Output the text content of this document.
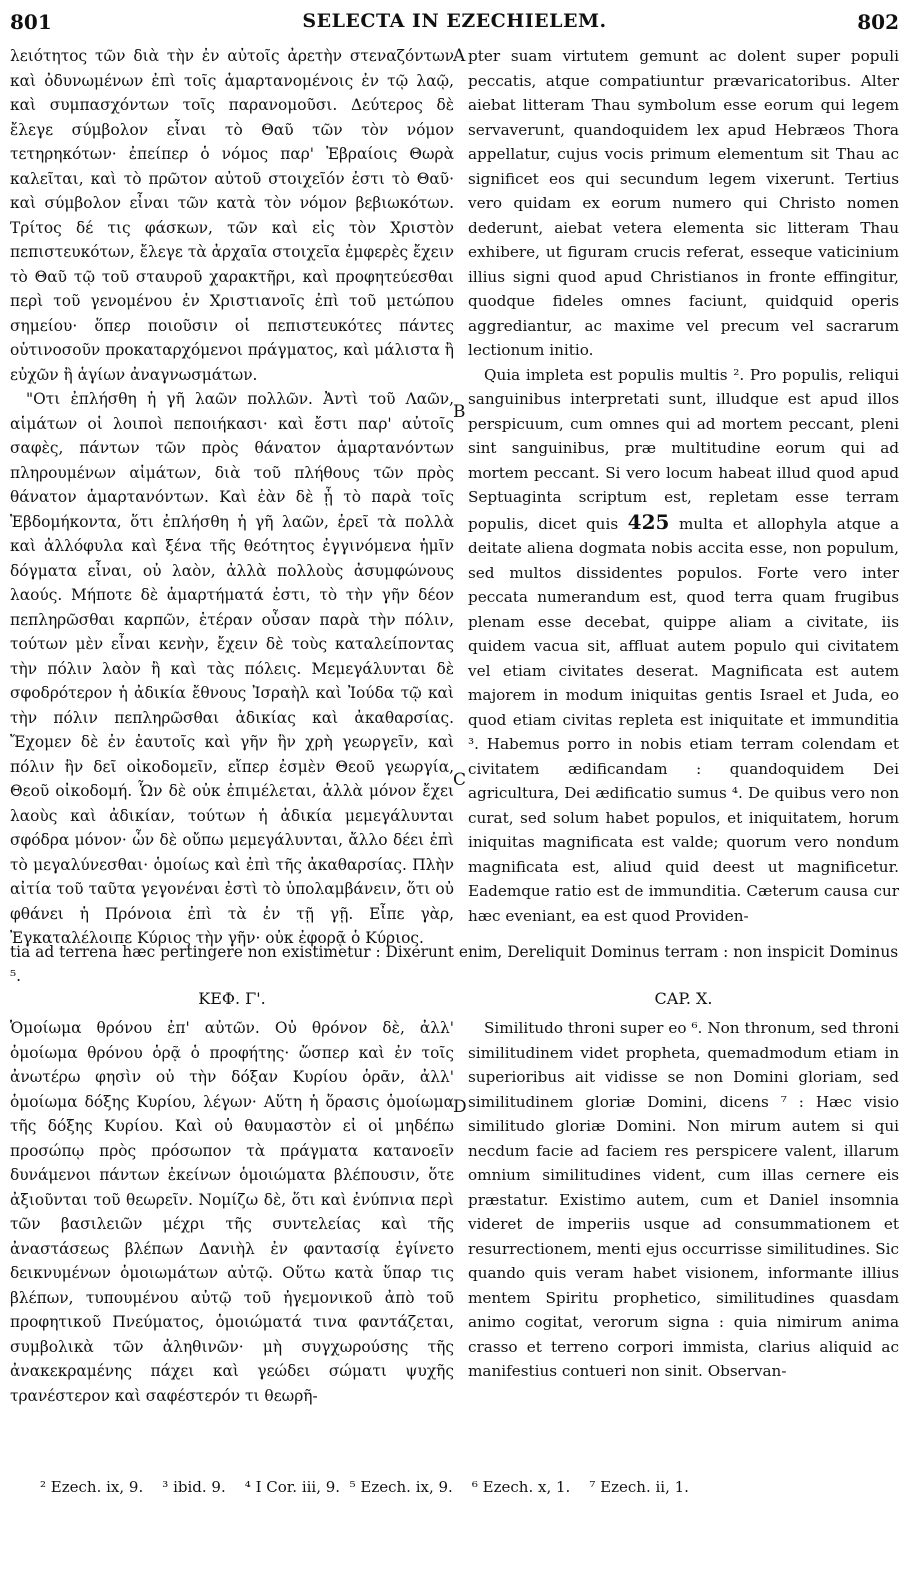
801	SELECTA IN EZECHIELEM.	802

λειότητος τῶν διὰ τὴν ἐν αὐτοῖς ἀρετὴν στεναζόντων καὶ ὀδυνωμένων ἐπὶ τοῖς ἁμαρτανομένοις ἐν τῷ λαῷ, καὶ συμπασχόντων τοῖς παρανομοῦσι. Δεύτερος δὲ ἔλεγε σύμβολον εἶναι τὸ Θαῦ τῶν τὸν νόμον τετηρηκότων· ἐπείπερ ὁ νόμος παρ' Ἑβραίοις Θωρὰ καλεῖται, καὶ τὸ πρῶτον αὐτοῦ στοιχεῖόν ἐστι τὸ Θαῦ· καὶ σύμβολον εἶναι τῶν κατὰ τὸν νόμον βεβιωκότων. Τρίτος δέ τις φάσκων, τῶν καὶ εἰς τὸν Χριστὸν πεπιστευκότων, ἔλεγε τὰ ἀρχαῖα στοιχεῖα ἐμφερὲς ἔχειν τὸ Θαῦ τῷ τοῦ σταυροῦ χαρακτῆρι, καὶ προφητεύεσθαι περὶ τοῦ γενομένου ἐν Χριστιανοῖς ἐπὶ τοῦ μετώπου σημείου· ὅπερ ποιοῦσιν οἱ πεπιστευκότες πάντες οὑτινοσοῦν προκαταρχόμενοι πράγματος, καὶ μάλιστα ἢ εὐχῶν ἢ ἁγίων ἀναγνωσμάτων.

"Οτι ἐπλήσθη ἡ γῆ λαῶν πολλῶν. Ἀντὶ τοῦ Λαῶν, αἱμάτων οἱ λοιποὶ πεποιήκασι· καὶ ἔστι παρ' αὐτοῖς σαφὲς, πάντων τῶν πρὸς θάνατον ἁμαρτανόντων πληρουμένων αἱμάτων, διὰ τοῦ πλήθους τῶν πρὸς θάνατον ἁμαρτανόντων. Καὶ ἐὰν δὲ ᾖ τὸ παρὰ τοῖς Ἑβδομήκοντα, ὅτι ἐπλήσθη ἡ γῆ λαῶν, ἐρεῖ τὰ πολλὰ καὶ ἀλλόφυλα καὶ ξένα τῆς θεότητος ἐγγινόμενα ἡμῖν δόγματα εἶναι, οὐ λαὸν, ἀλλὰ πολλοὺς ἀσυμφώνους λαούς. Μήποτε δὲ ἁμαρτήματά ἐστι, τὸ τὴν γῆν δέον πεπληρῶσθαι καρπῶν, ἑτέραν οὖσαν παρὰ τὴν πόλιν, τούτων μὲν εἶναι κενὴν, ἔχειν δὲ τοὺς καταλείποντας τὴν πόλιν λαὸν ἢ καὶ τὰς πόλεις. Μεμεγάλυνται δὲ σφοδρότερον ἡ ἀδικία ἔθνους Ἰσραὴλ καὶ Ἰούδα τῷ καὶ τὴν πόλιν πεπληρῶσθαι ἀδικίας καὶ ἀκαθαρσίας. Ἔχομεν δὲ ἐν ἑαυτοῖς καὶ γῆν ἣν χρὴ γεωργεῖν, καὶ πόλιν ἣν δεῖ οἰκοδομεῖν, εἴπερ ἐσμὲν Θεοῦ γεωργία, Θεοῦ οἰκοδομή. Ὧν δὲ οὐκ ἐπιμέλεται, ἀλλὰ μόνον ἔχει λαοὺς καὶ ἀδικίαν, τούτων ἡ ἀδικία μεμεγάλυνται σφόδρα μόνον· ὧν δὲ οὔπω μεμεγάλυνται, ἄλλο δέει ἐπὶ τὸ μεγαλύνεσθαι· ὁμοίως καὶ ἐπὶ τῆς ἀκαθαρσίας. Πλὴν αἰτία τοῦ ταῦτα γεγονέναι ἐστὶ τὸ ὑπολαμβάνειν, ὅτι οὐ φθάνει ἡ Πρόνοια ἐπὶ τὰ ἐν τῇ γῇ. Εἶπε γὰρ, Ἐγκαταλέλοιπε Κύριος τὴν γῆν· οὐκ ἐφορᾷ ὁ Κύριος.

pter suam virtutem gemunt ac dolent super populi peccatis, atque compatiuntur prævaricatoribus. Alter aiebat litteram Thau symbolum esse eorum qui legem servaverunt, quandoquidem lex apud Hebræos Thora appellatur, cujus vocis primum elementum sit Thau ac significet eos qui secundum legem vixerunt. Tertius vero quidam ex eorum numero qui Christo nomen dederunt, aiebat vetera elementa sic litteram Thau exhibere, ut figuram crucis referat, esseque vaticinium illius signi quod apud Christianos in fronte effingitur, quodque fideles omnes faciunt, quidquid operis aggrediantur, ac maxime vel precum vel sacrarum lectionum initio.

Quia impleta est populis multis ². Pro populis, reliqui sanguinibus interpretati sunt, illudque est apud illos perspicuum, cum omnes qui ad mortem peccant, pleni sint sanguinibus, præ multitudine eorum qui ad mortem peccant. Si vero locum habeat illud quod apud Septuaginta scriptum est, repletam esse terram populis, dicet quis 425 multa et allophyla atque a deitate aliena dogmata nobis accita esse, non populum, sed multos dissidentes populos. Forte vero inter peccata numerandum est, quod terra quam frugibus plenam esse decebat, quippe aliam a civitate, iis quidem vacua sit, affluat autem populo qui civitatem vel etiam civitates deserat. Magnificata est autem majorem in modum iniquitas gentis Israel et Juda, eo quod etiam civitas repleta est iniquitate et immunditia ³. Habemus porro in nobis etiam terram colendam et civitatem ædificandam : quandoquidem Dei agricultura, Dei ædificatio sumus ⁴. De quibus vero non curat, sed solum habet populos, et iniquitatem, horum iniquitas magnificata est valde; quorum vero nondum magnificata est, aliud quid deest ut magnificetur. Eademque ratio est de immunditia. Cæterum causa cur hæc eveniant, ea est quod Providen-

A
B
C
D
tia ad terrena hæc pertingere non existimetur : Dixerunt enim, Dereliquit Dominus terram : non inspicit Dominus ⁵.
ΚΕΦ. Γ'.	CAP. X.

Ὁμοίωμα θρόνου ἐπ' αὐτῶν. Οὐ θρόνον δὲ, ἀλλ' ὁμοίωμα θρόνου ὁρᾷ ὁ προφήτης· ὥσπερ καὶ ἐν τοῖς ἀνωτέρω φησὶν οὐ τὴν δόξαν Κυρίου ὁρᾶν, ἀλλ' ὁμοίωμα δόξης Κυρίου, λέγων· Αὕτη ἡ ὅρασις ὁμοίωμα τῆς δόξης Κυρίου. Καὶ οὐ θαυμαστὸν εἰ οἱ μηδέπω προσώπῳ πρὸς πρόσωπον τὰ πράγματα κατανοεῖν δυνάμενοι πάντων ἐκείνων ὁμοιώματα βλέπουσιν, ὅτε ἀξιοῦνται τοῦ θεωρεῖν. Νομίζω δὲ, ὅτι καὶ ἐνύπνια περὶ τῶν βασιλειῶν μέχρι τῆς συντελείας καὶ τῆς ἀναστάσεως βλέπων Δανιὴλ ἐν φαντασίᾳ ἐγίνετο δεικνυμένων ὁμοιωμάτων αὐτῷ. Οὕτω κατὰ ὕπαρ τις βλέπων, τυπουμένου αὐτῷ τοῦ ἡγεμονικοῦ ἀπὸ τοῦ προφητικοῦ Πνεύματος, ὁμοιώματά τινα φαντάζεται, συμβολικὰ τῶν ἀληθινῶν· μὴ συγχωρούσης τῆς ἀνακεκραμένης πάχει καὶ γεώδει σώματι ψυχῆς τρανέστερον καὶ σαφέστερόν τι θεωρῆ-

Similitudo throni super eo ⁶. Non thronum, sed throni similitudinem videt propheta, quemadmodum etiam in superioribus ait vidisse se non Domini gloriam, sed similitudinem gloriæ Domini, dicens ⁷ : Hæc visio similitudo gloriæ Domini. Non mirum autem si qui necdum facie ad faciem res perspicere valent, illarum omnium similitudines vident, cum illas cernere eis præstatur. Existimo autem, cum et Daniel insomnia videret de imperiis usque ad consummationem et resurrectionem, menti ejus occurrisse similitudines. Sic quando quis veram habet visionem, informante illius mentem Spiritu prophetico, similitudines quasdam animo cogitat, verorum signa : quia nimirum anima crasso et terreno corpori immista, clarius aliquid ac manifestius contueri non sinit. Observan-

² Ezech. ix, 9.    ³ ibid. 9.    ⁴ I Cor. iii, 9.  ⁵ Ezech. ix, 9.    ⁶ Ezech. x, 1.    ⁷ Ezech. ii, 1.
